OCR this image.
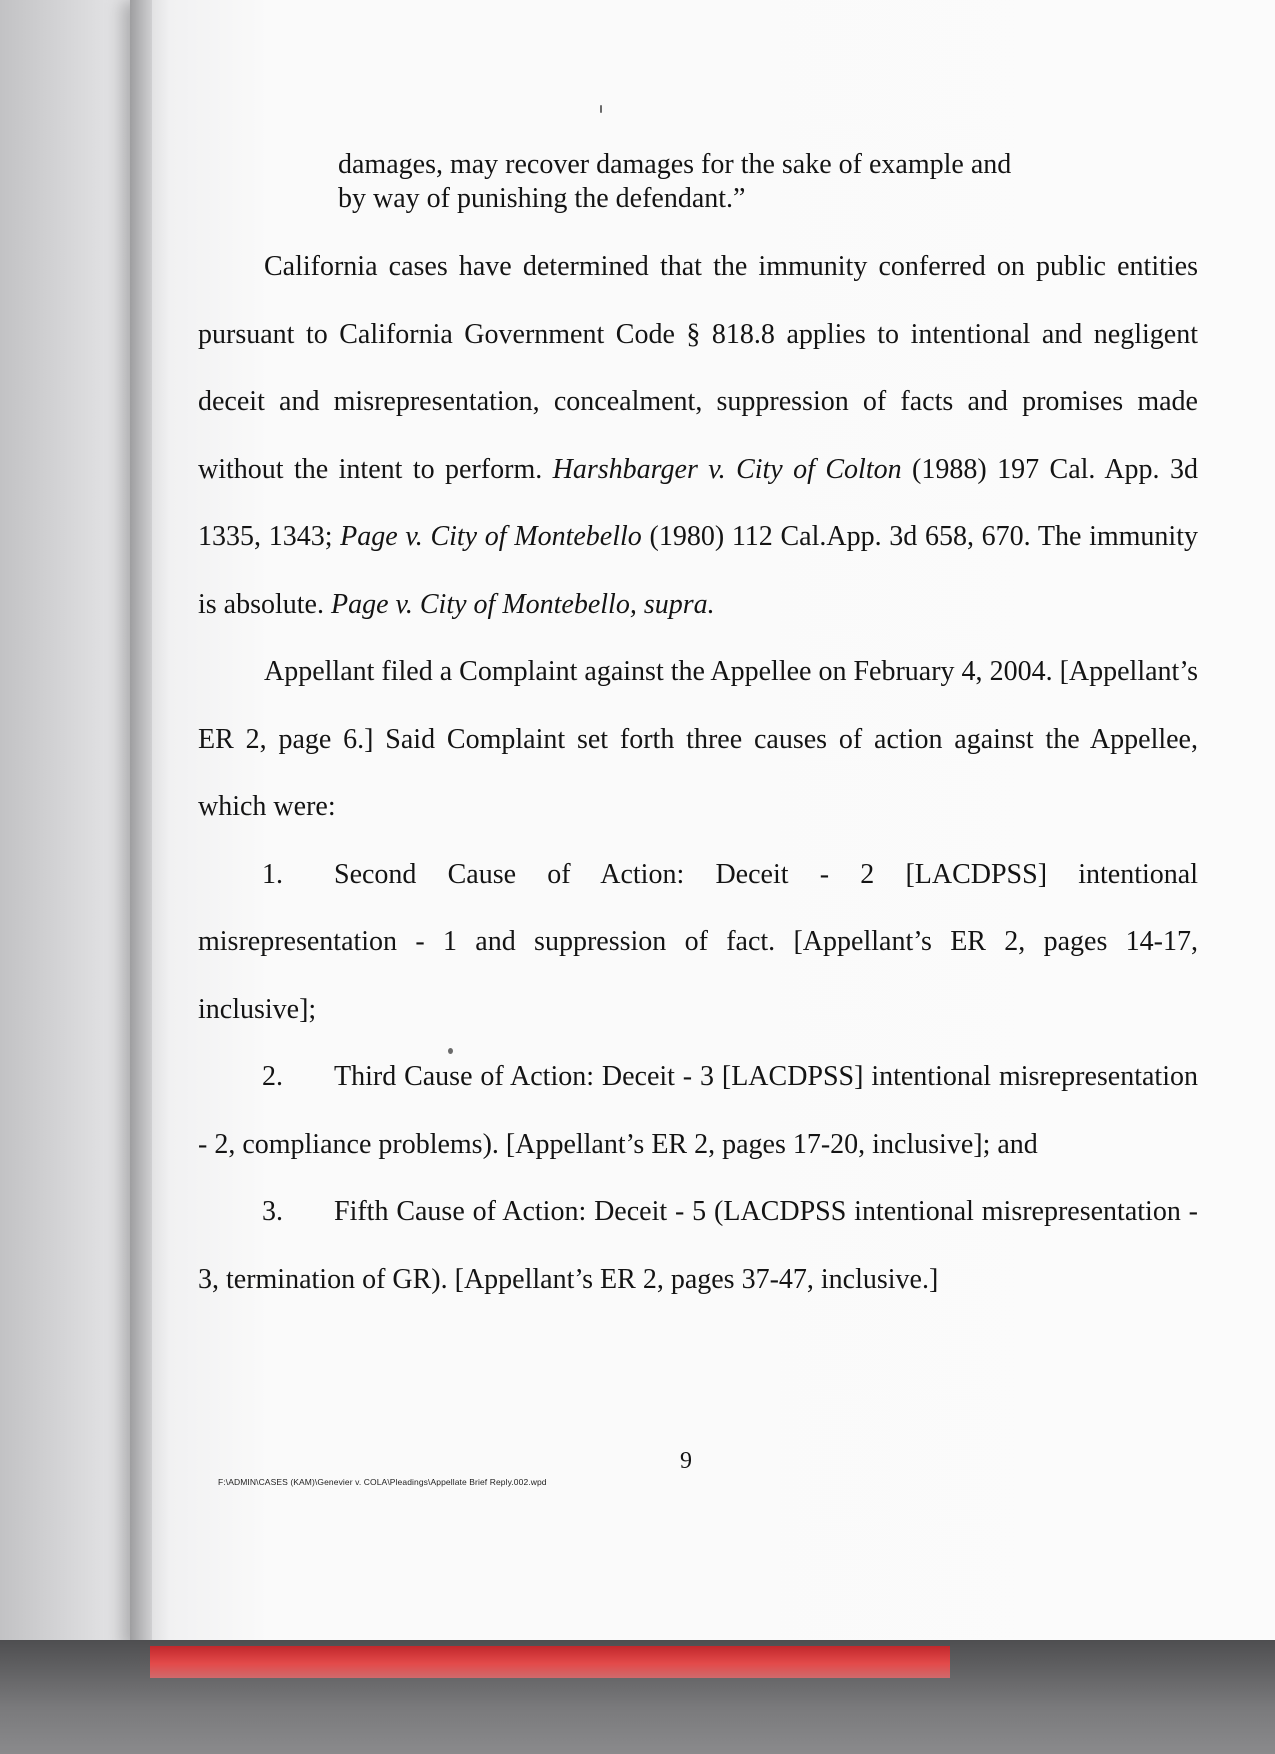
damages, may recover damages for the sake of example and
by way of punishing the defendant.”

California cases have determined that the immunity conferred on public entities pursuant to California Government Code § 818.8 applies to intentional and negligent deceit and misrepresentation, concealment, suppression of facts and promises made without the intent to perform. Harshbarger v. City of Colton (1988) 197 Cal. App. 3d 1335, 1343; Page v. City of Montebello (1980) 112 Cal.App. 3d 658, 670. The immunity is absolute. Page v. City of Montebello, supra.

Appellant filed a Complaint against the Appellee on February 4, 2004. [Appellant’s ER 2, page 6.] Said Complaint set forth three causes of action against the Appellee, which were:

1. Second Cause of Action: Deceit - 2 [LACDPSS] intentional misrepresentation - 1 and suppression of fact. [Appellant’s ER 2, pages 14-17, inclusive];

2. Third Cause of Action: Deceit - 3 [LACDPSS] intentional misrepresentation - 2, compliance problems). [Appellant’s ER 2, pages 17-20, inclusive]; and

3. Fifth Cause of Action: Deceit - 5 (LACDPSS intentional misrepresentation - 3, termination of GR). [Appellant’s ER 2, pages 37-47, inclusive.]

9
F:\ADMIN\CASES (KAM)\Genevier v. COLA\Pleadings\Appellate Brief Reply.002.wpd
